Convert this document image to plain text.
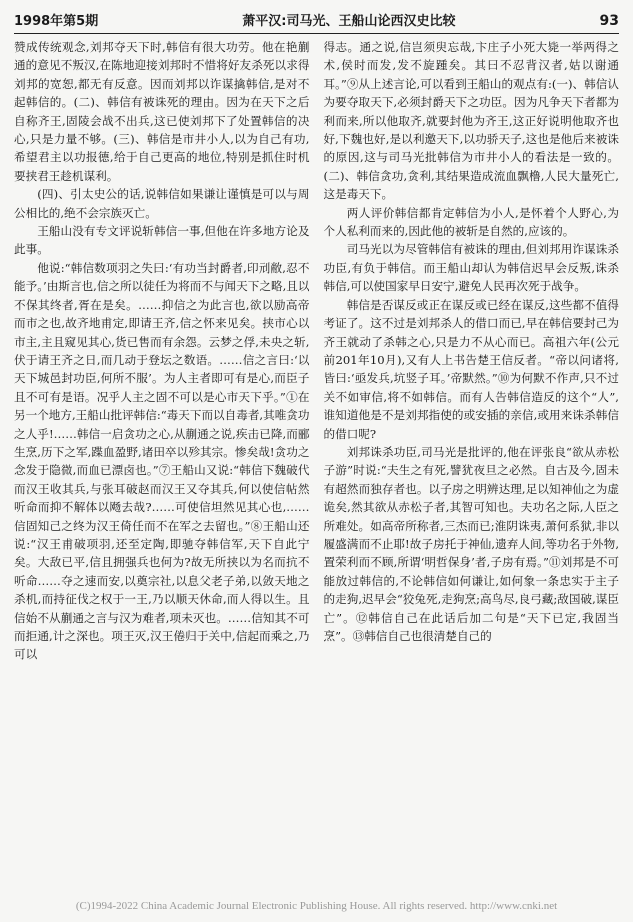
1998年第5期	萧平汉:司马光、王船山论西汉史比较	93

赞成传统观念,刘邦夺天下时,韩信有很大功劳。他在艳蒯通的意见不叛汉,在陈地迎接刘邦时不惜将好友杀死以求得刘邦的宽恕,都无有反意。因而刘邦以诈谋擒韩信,是对不起韩信的。(二)、韩信有被诛死的理由。因为在天下之后自称齐王,固陵会战不出兵,这已使刘邦下了处置韩信的决心,只是力量不够。(三)、韩信是市井小人,以为自己有功,希望君主以功报德,给于自己更高的地位,特别是抓住时机要挟君王趁机谋利。

(四)、引太史公的话,说韩信如果谦让谨慎是可以与周公相比的,绝不会宗族灭亡。

王船山没有专文评说斩韩信一事,但他在许多地方论及此事。

他说:“韩信数项羽之失曰:‘有功当封爵者,印刓敝,忍不能予。’由斯言也,信之所以徒任为将而不与闻天下之略,且以不保其终者,胥在是矣。……抑信之为此言也,欲以励高帝而市之也,故齐地甫定,即请王齐,信之怀来见矣。挟市心以市主,主且窥见其心,货已售而有余怨。云梦之俘,未央之斩,伏于请王齐之日,而几动于登坛之数语。……信之言曰:‘以天下城邑封功臣,何所不服’。为人主者即可有是心,而臣子且不可有是语。况乎人主之固不可以是心市天下乎。”①在另一个地方,王船山批评韩信:“毒天下而以自毒者,其唯贪功之人乎!……韩信一启贪功之心,从蒯通之说,疾击已降,而郦生烹,历下之军,蹀血盈野,诸田卒以殄其宗。惨矣哉!贪功之念发于隐微,而血已漂卤也。”⑦王船山又说:“韩信下魏破代而汉王收其兵,与张耳破赵而汉王又夺其兵,何以使信帖然听命而抑不解体以飏去哉?……可使信坦然见其心也,……信固知己之终为汉王倚任而不在军之去留也。”⑧王船山还说:“汉王甫破项羽,还至定陶,即驰夺韩信军,天下自此宁矣。大敌已平,信且拥强兵也何为?故无所挟以为名而抗不听命……夺之速而安,以奠宗社,以息父老子弟,以敛天地之杀机,而持征伐之权于一王,乃以顺天休命,而人得以生。且信始不从蒯通之言与汉为难者,项未灭也。……信知其不可而拒通,计之深也。项王灭,汉王倦归于关中,信起而乘之,乃可以

得志。通之说,信岂须臾忘哉,卞庄子小死大毙一举两得之术,侯时而发,发不旋踵矣。其曰不忍背汉者,姑以谢通耳。”⑨从上述言论,可以看到王船山的观点有:(一)、韩信认为要夺取天下,必须封爵天下之功臣。因为凡争天下者都为利而来,所以他取齐,就要封他为齐王,这正好说明他取齐也好,下魏也好,是以利邀天下,以功骄天子,这也是他后来被诛的原因,这与司马光批韩信为市井小人的看法是一致的。(二)、韩信贪功,贪利,其结果造成流血飘橹,人民大量死亡,这是毒天下。

两人评价韩信都肯定韩信为小人,是怀着个人野心,为个人私利而来的,因此他的被斩是自然的,应该的。

司马光以为尽管韩信有被诛的理由,但刘邦用诈谋诛杀功臣,有负于韩信。而王船山却认为韩信迟早会反叛,诛杀韩信,可以使国家早日安宁,避免人民再次死于战争。

韩信是否谋反或正在谋反或已经在谋反,这些都不值得考证了。这不过是刘邦杀人的借口而已,早在韩信要封己为齐王就动了杀韩之心,只是力不从心而已。高祖六年(公元前201年10月),又有人上书告楚王信反者。“帝以问诸将,皆曰:‘亟发兵,坑竖子耳。’帝默然。”⑩为何默不作声,只不过关不如审信,将不如韩信。而有人告韩信造反的这个“人”,谁知道他是不是刘邦指使的或安插的亲信,或用来诛杀韩信的借口呢?

刘邦诛杀功臣,司马光是批评的,他在评张良“欲从赤松子游”时说:“夫生之有死,譬犹夜旦之必然。自古及今,固未有超然而独存者也。以子房之明辨达理,足以知神仙之为虚诡矣,然其欲从赤松子者,其智可知也。夫功名之际,人臣之所难处。如高帝所称者,三杰而已;淮阴诛夷,萧何系狱,非以履盛满而不止耶!故子房托于神仙,遗弃人间,等功名于外物,置荣利而不顾,所谓‘明哲保身’者,子房有焉。”⑪刘邦是不可能放过韩信的,不论韩信如何谦让,如何象一条忠实于主子的走狗,迟早会“狡兔死,走狗烹;高鸟尽,良弓藏;敌国破,谋臣亡”。⑫韩信自己在此话后加二句是“天下已定,我固当烹”。⑬韩信自己也很清楚自己的

(C)1994-2022 China Academic Journal Electronic Publishing House. All rights reserved. http://www.cnki.net
